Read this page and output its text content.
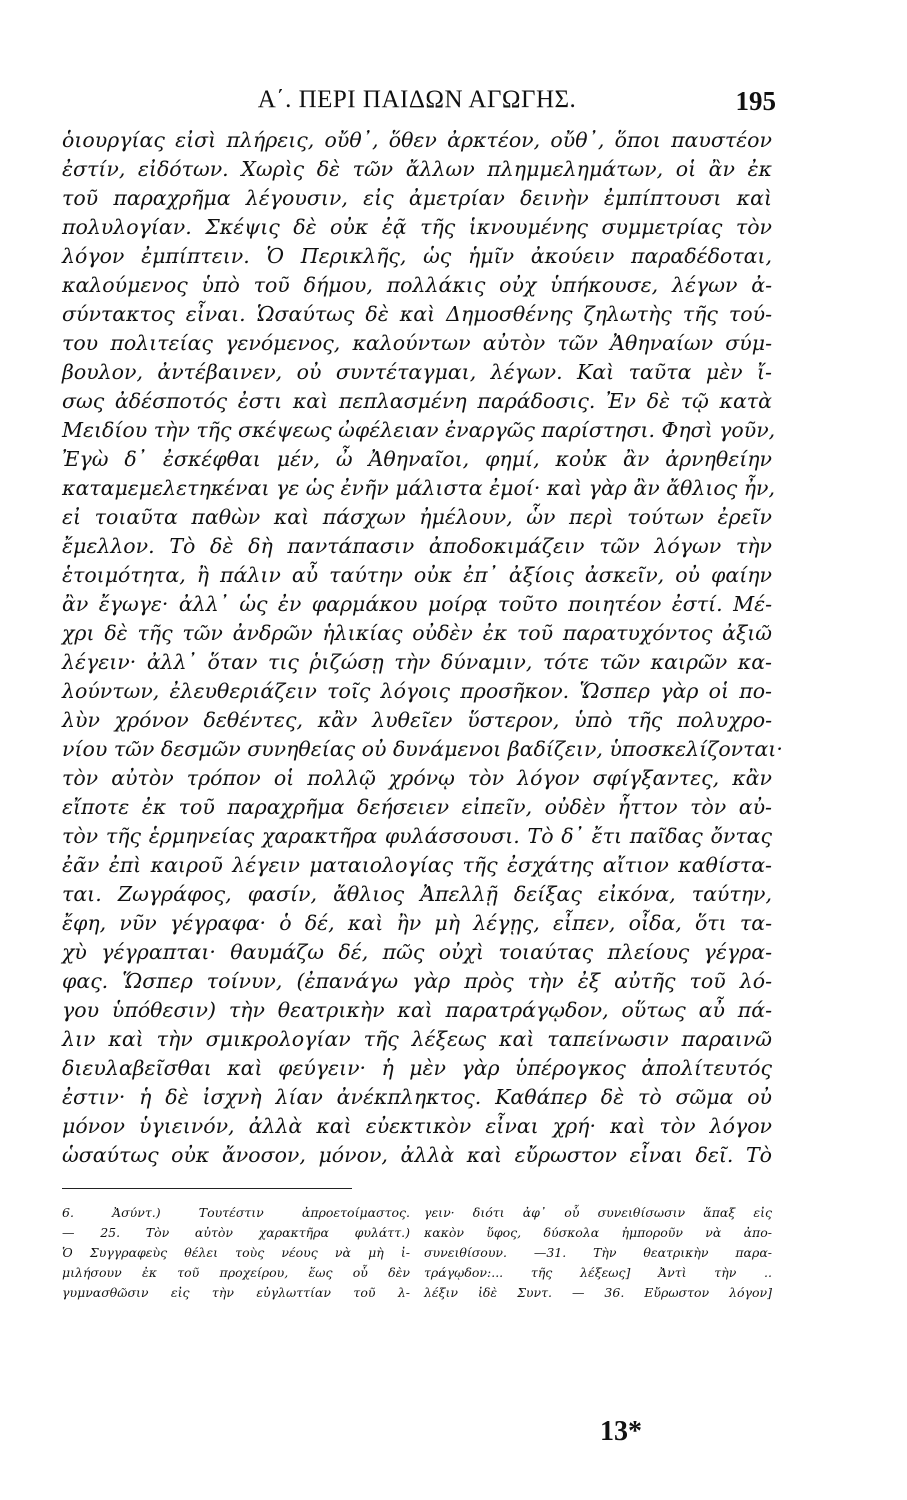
Α΄. ΠΕΡΙ ΠΑΙΔΩΝ ΑΓΩΓΗΣ.	195
ὁιουργίας εἰσὶ πλήρεις, οὔθ᾽, ὅθεν ἀρκτέον, οὔθ᾽, ὅποι παυστέον
ἐστίν, εἰδότων. Χωρὶς δὲ τῶν ἄλλων πλημμελημάτων, οἱ ἂν ἐκ
τοῦ παραχρῆμα λέγουσιν, εἰς ἀμετρίαν δεινὴν ἐμπίπτουσι καὶ
πολυλογίαν. Σκέψις δὲ οὐκ ἐᾷ τῆς ἱκνουμένης συμμετρίας τὸν
λόγον ἐμπίπτειν. Ὁ Περικλῆς, ὡς ἡμῖν ἀκούειν παραδέδοται,
καλούμενος ὑπὸ τοῦ δήμου, πολλάκις οὐχ ὑπήκουσε, λέγων ἀ-
σύντακτος εἶναι. Ὡσαύτως δὲ καὶ Δημοσθένης ζηλωτὴς τῆς τού-
του πολιτείας γενόμενος, καλούντων αὐτὸν τῶν Ἀθηναίων σύμ-
βουλον, ἀντέβαινεν, οὐ συντέταγμαι, λέγων. Καὶ ταῦτα μὲν ἴ-
σως ἀδέσποτός ἐστι καὶ πεπλασμένη παράδοσις. Ἐν δὲ τῷ κατὰ
Μειδίου τὴν τῆς σκέψεως ὠφέλειαν ἐναργῶς παρίστησι. Φησὶ γοῦν,
Ἐγὼ δ᾽ ἐσκέφθαι μέν, ὦ Ἀθηναῖοι, φημί, κοὐκ ἂν ἀρνηθείην
καταμεμελετηκέναι γε ὡς ἐνῆν μάλιστα ἐμοί· καὶ γὰρ ἂν ἄθλιος ἦν,
εἰ τοιαῦτα παθὼν καὶ πάσχων ἠμέλουν, ὧν περὶ τούτων ἐρεῖν
ἔμελλον. Τὸ δὲ δὴ παντάπασιν ἀποδοκιμάζειν τῶν λόγων τὴν
ἑτοιμότητα, ἢ πάλιν αὖ ταύτην οὐκ ἐπ᾽ ἀξίοις ἀσκεῖν, οὐ φαίην
ἂν ἔγωγε· ἀλλ᾽ ὡς ἐν φαρμάκου μοίρᾳ τοῦτο ποιητέον ἐστί. Μέ-
χρι δὲ τῆς τῶν ἀνδρῶν ἡλικίας οὐδὲν ἐκ τοῦ παρατυχόντος ἀξιῶ
λέγειν· ἀλλ᾽ ὅταν τις ῥιζώσῃ τὴν δύναμιν, τότε τῶν καιρῶν κα-
λούντων, ἐλευθεριάζειν τοῖς λόγοις προσῆκον. Ὥσπερ γὰρ οἱ πο-
λὺν χρόνον δεθέντες, κἂν λυθεῖεν ὕστερον, ὑπὸ τῆς πολυχρο-
νίου τῶν δεσμῶν συνηθείας οὐ δυνάμενοι βαδίζειν, ὑποσκελίζονται·
τὸν αὐτὸν τρόπον οἱ πολλῷ χρόνῳ τὸν λόγον σφίγξαντες, κἂν
εἴποτε ἐκ τοῦ παραχρῆμα δεήσειεν εἰπεῖν, οὐδὲν ἧττον τὸν αὐ-
τὸν τῆς ἑρμηνείας χαρακτῆρα φυλάσσουσι. Τὸ δ᾽ ἔτι παῖδας ὄντας
ἐᾶν ἐπὶ καιροῦ λέγειν ματαιολογίας τῆς ἐσχάτης αἴτιον καθίστα-
ται. Ζωγράφος, φασίν, ἄθλιος Ἀπελλῇ δείξας εἰκόνα, ταύτην,
ἔφη, νῦν γέγραφα· ὁ δέ, καὶ ἢν μὴ λέγῃς, εἶπεν, οἶδα, ὅτι τα-
χὺ γέγραπται· θαυμάζω δέ, πῶς οὐχὶ τοιαύτας πλείους γέγρα-
φας. Ὥσπερ τοίνυν, (ἐπανάγω γὰρ πρὸς τὴν ἐξ αὐτῆς τοῦ λό-
γου ὑπόθεσιν) τὴν θεατρικὴν καὶ παρατράγῳδον, οὕτως αὖ πά-
λιν καὶ τὴν σμικρολογίαν τῆς λέξεως καὶ ταπείνωσιν παραινῶ
διευλαβεῖσθαι καὶ φεύγειν· ἡ μὲν γὰρ ὑπέρογκος ἀπολίτευτός
ἐστιν· ἡ δὲ ἰσχνὴ λίαν ἀνέκπληκτος. Καθάπερ δὲ τὸ σῶμα οὐ
μόνον ὑγιεινόν, ἀλλὰ καὶ εὐεκτικὸν εἶναι χρή· καὶ τὸν λόγον
ὡσαύτως οὐκ ἄνοσον, μόνον, ἀλλὰ καὶ εὔρωστον εἶναι δεῖ. Τὸ
6. Ἀσύντ.) Τουτέστιν ἀπροετοίμαστος.
— 25. Τὸν αὐτὸν χαρακτῆρα φυλάττ.)
Ὁ Συγγραφεὺς θέλει τοὺς νέους νὰ μὴ ἰ-
μιλήσουν ἐκ τοῦ προχείρου, ἕως οὗ δὲν
γυμνασθῶσιν εἰς τὴν εὐγλωττίαν τοῦ λ-
γειν· διότι ἀφ᾽ οὗ συνειθίσωσιν ἅπαξ εἰς
κακὸν ὕφος, δύσκολα ἠμποροῦν νὰ ἀπο-
συνειθίσουν. —31. Τὴν θεατρικὴν παρα-
τράγῳδον:... τῆς λέξεως] Ἀντὶ τὴν ..
λέξιν ἰδὲ Συντ. — 36. Εὔρωστον λόγον]
13*
